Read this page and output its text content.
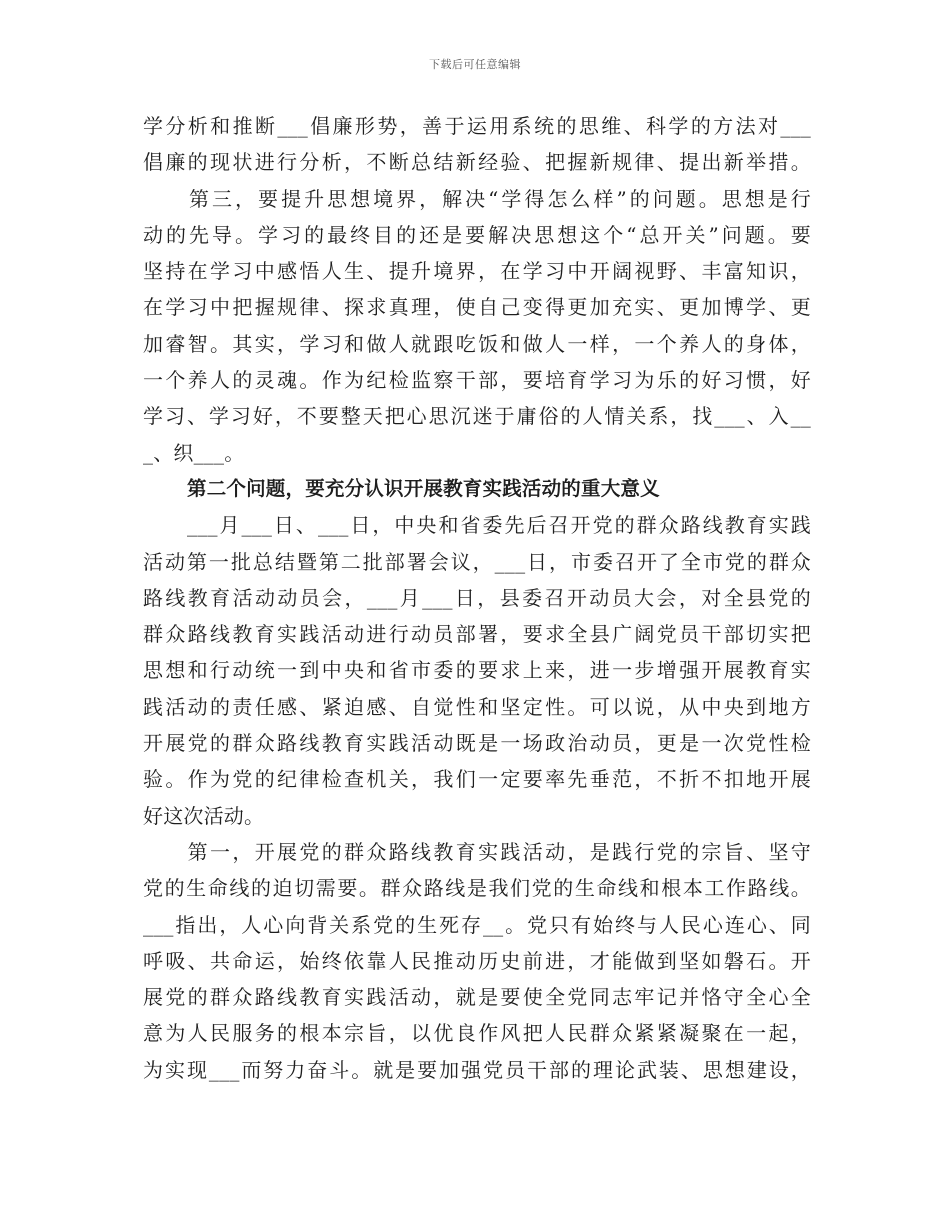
下载后可任意编辑
学分析和推断___倡廉形势，善于运用系统的思维、科学的方法对___
倡廉的现状进行分析，不断总结新经验、把握新规律、提出新举措。
　　第三，要提升思想境界，解决“学得怎么样”的问题。思想是行
动的先导。学习的最终目的还是要解决思想这个“总开关”问题。要
坚持在学习中感悟人生、提升境界，在学习中开阔视野、丰富知识，
在学习中把握规律、探求真理，使自己变得更加充实、更加博学、更
加睿智。其实，学习和做人就跟吃饭和做人一样，一个养人的身体，
一个养人的灵魂。作为纪检监察干部，要培育学习为乐的好习惯，好
学习、学习好，不要整天把心思沉迷于庸俗的人情关系，找___、入__
_、织___。
第二个问题，要充分认识开展教育实践活动的重大意义
　　___月___日、___日，中央和省委先后召开党的群众路线教育实践
活动第一批总结暨第二批部署会议，___日，市委召开了全市党的群众
路线教育活动动员会，___月___日，县委召开动员大会，对全县党的
群众路线教育实践活动进行动员部署，要求全县广阔党员干部切实把
思想和行动统一到中央和省市委的要求上来，进一步增强开展教育实
践活动的责任感、紧迫感、自觉性和坚定性。可以说，从中央到地方
开展党的群众路线教育实践活动既是一场政治动员，更是一次党性检
验。作为党的纪律检查机关，我们一定要率先垂范，不折不扣地开展
好这次活动。
　　第一，开展党的群众路线教育实践活动，是践行党的宗旨、坚守
党的生命线的迫切需要。群众路线是我们党的生命线和根本工作路线。
___指出，人心向背关系党的生死存__。党只有始终与人民心连心、同
呼吸、共命运，始终依靠人民推动历史前进，才能做到坚如磐石。开
展党的群众路线教育实践活动，就是要使全党同志牢记并恪守全心全
意为人民服务的根本宗旨，以优良作风把人民群众紧紧凝聚在一起，
为实现___而努力奋斗。就是要加强党员干部的理论武装、思想建设，
